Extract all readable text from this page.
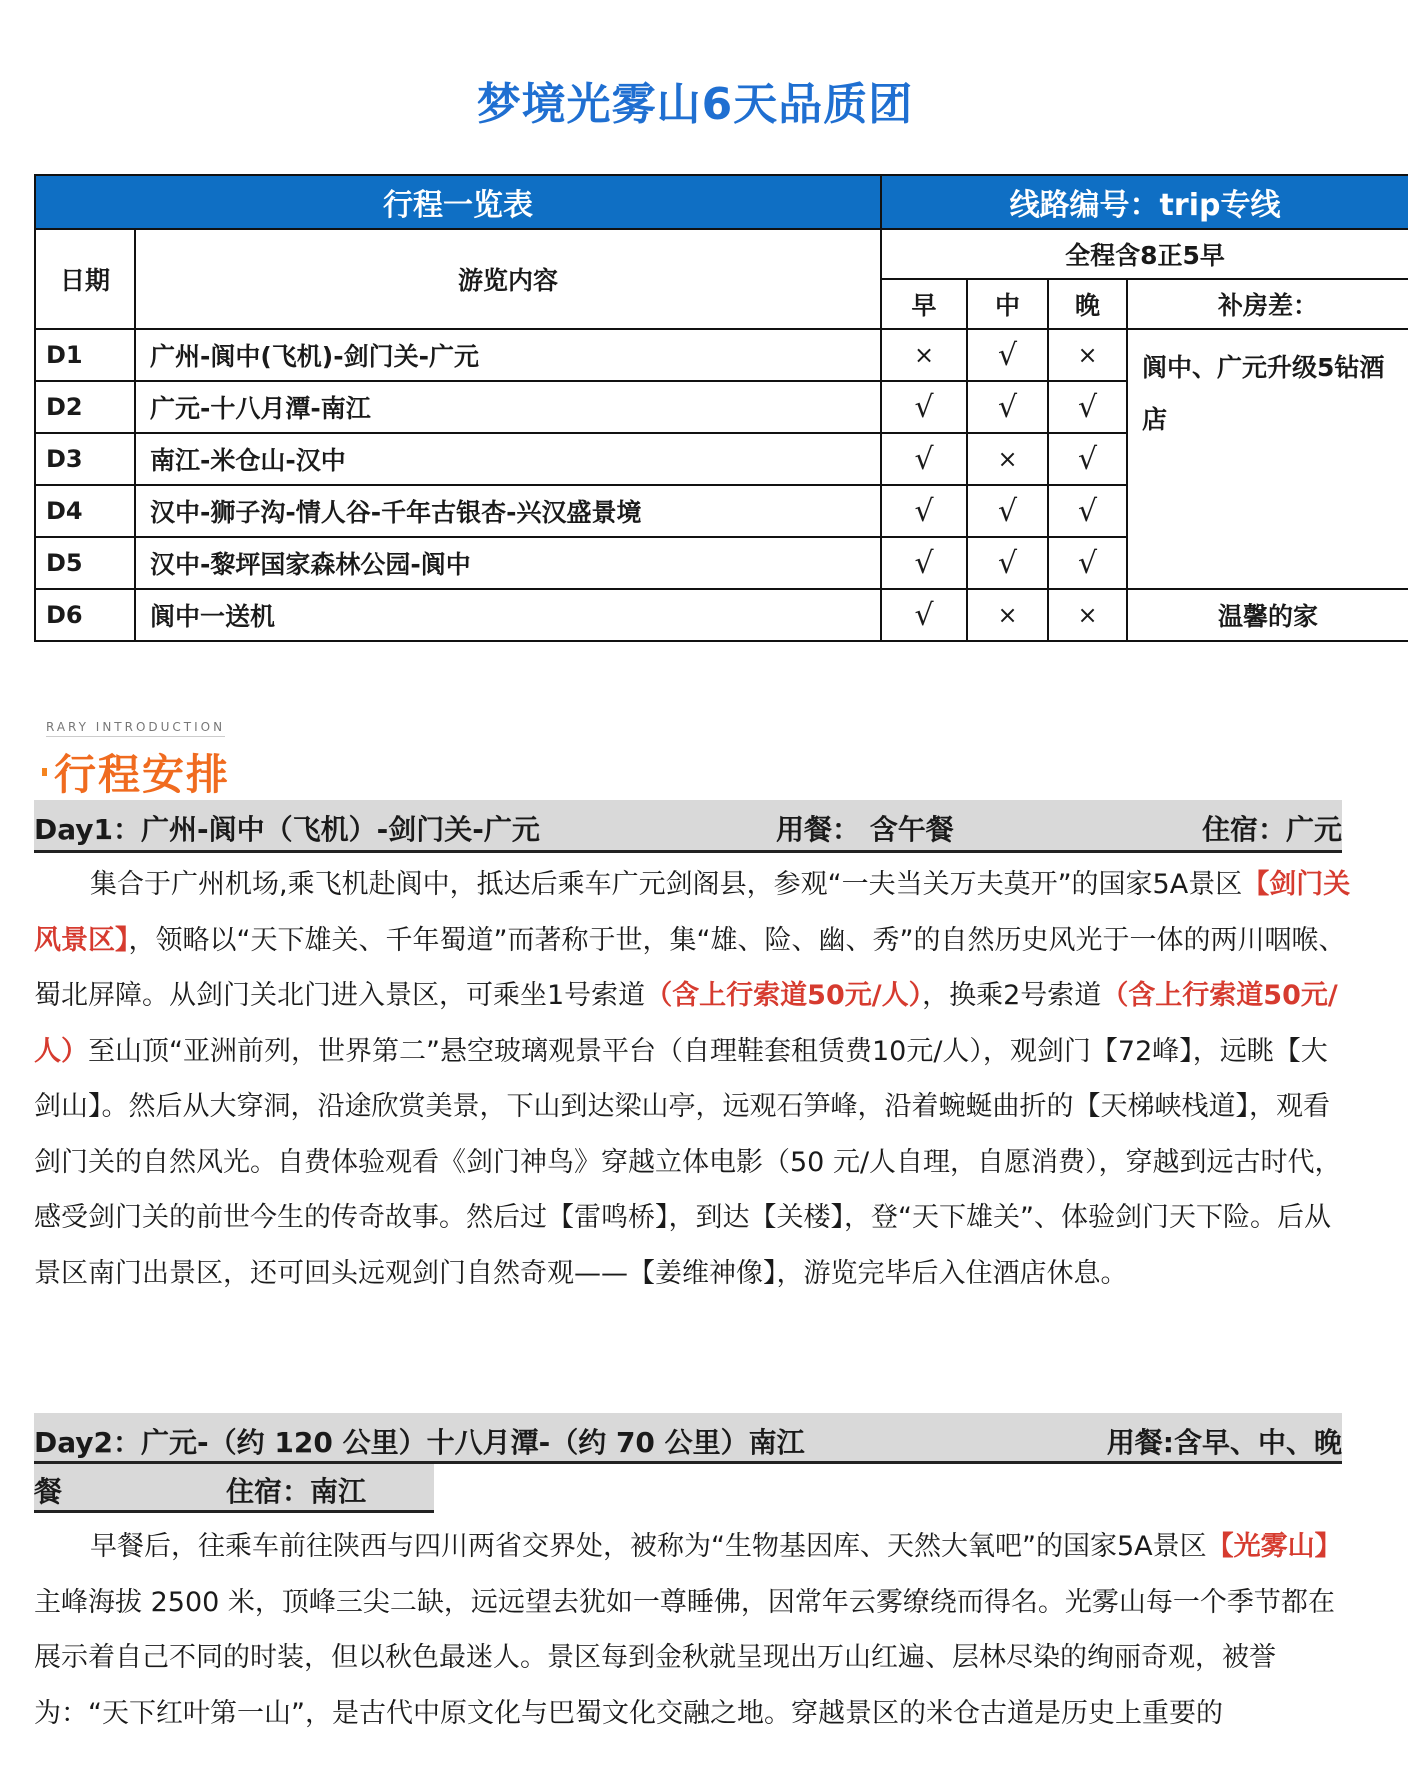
梦境光雾山6天品质团
行程一览表		线路编号：trip专线			
日期	游览内容	全程含8正5早			
		早	中	晚	补房差：
D1	广州-阆中(飞机)-剑门关-广元	×	√	×	阆中、广元升级5钻酒店
D2	广元-十八月潭-南江	√	√	√	
D3	南江-米仓山-汉中	√	×	√	
D4	汉中-狮子沟-情人谷-千年古银杏-兴汉盛景境	√	√	√	
D5	汉中-黎坪国家森林公园-阆中	√	√	√	
D6	阆中一送机	√	×	×	温馨的家
RARY INTRODUCTION
行程安排
Day1：广州-阆中（飞机）-剑门关-广元	用餐： 含午餐	住宿：广元

集合于广州机场,乘飞机赴阆中，抵达后乘车广元剑阁县，参观“一夫当关万夫莫开”的国家5A景区【剑门关风景区】，领略以“天下雄关、千年蜀道”而著称于世，集“雄、险、幽、秀”的自然历史风光于一体的两川咽喉、蜀北屏障。从剑门关北门进入景区，可乘坐1号索道（含上行索道50元/人），换乘2号索道（含上行索道50元/人）至山顶“亚洲前列，世界第二”悬空玻璃观景平台（自理鞋套租赁费10元/人），观剑门【72峰】，远眺【大剑山】。然后从大穿洞，沿途欣赏美景，下山到达梁山亭，远观石笋峰，沿着蜿蜒曲折的【天梯峡栈道】，观看剑门关的自然风光。自费体验观看《剑门神鸟》穿越立体电影（50 元/人自理，自愿消费），穿越到远古时代，感受剑门关的前世今生的传奇故事。然后过【雷鸣桥】，到达【关楼】，登“天下雄关”、体验剑门天下险。后从景区南门出景区，还可回头远观剑门自然奇观——【姜维神像】，游览完毕后入住酒店休息。

Day2：广元-（约 120 公里）十八月潭-（约 70 公里）南江	用餐:含早、中、晚
餐	住宿：南江

早餐后，往乘车前往陕西与四川两省交界处，被称为“生物基因库、天然大氧吧”的国家5A景区【光雾山】主峰海拔 2500 米，顶峰三尖二缺，远远望去犹如一尊睡佛，因常年云雾缭绕而得名。光雾山每一个季节都在展示着自己不同的时装，但以秋色最迷人。景区每到金秋就呈现出万山红遍、层林尽染的绚丽奇观，被誉为：“天下红叶第一山”，是古代中原文化与巴蜀文化交融之地。穿越景区的米仓古道是历史上重要的
